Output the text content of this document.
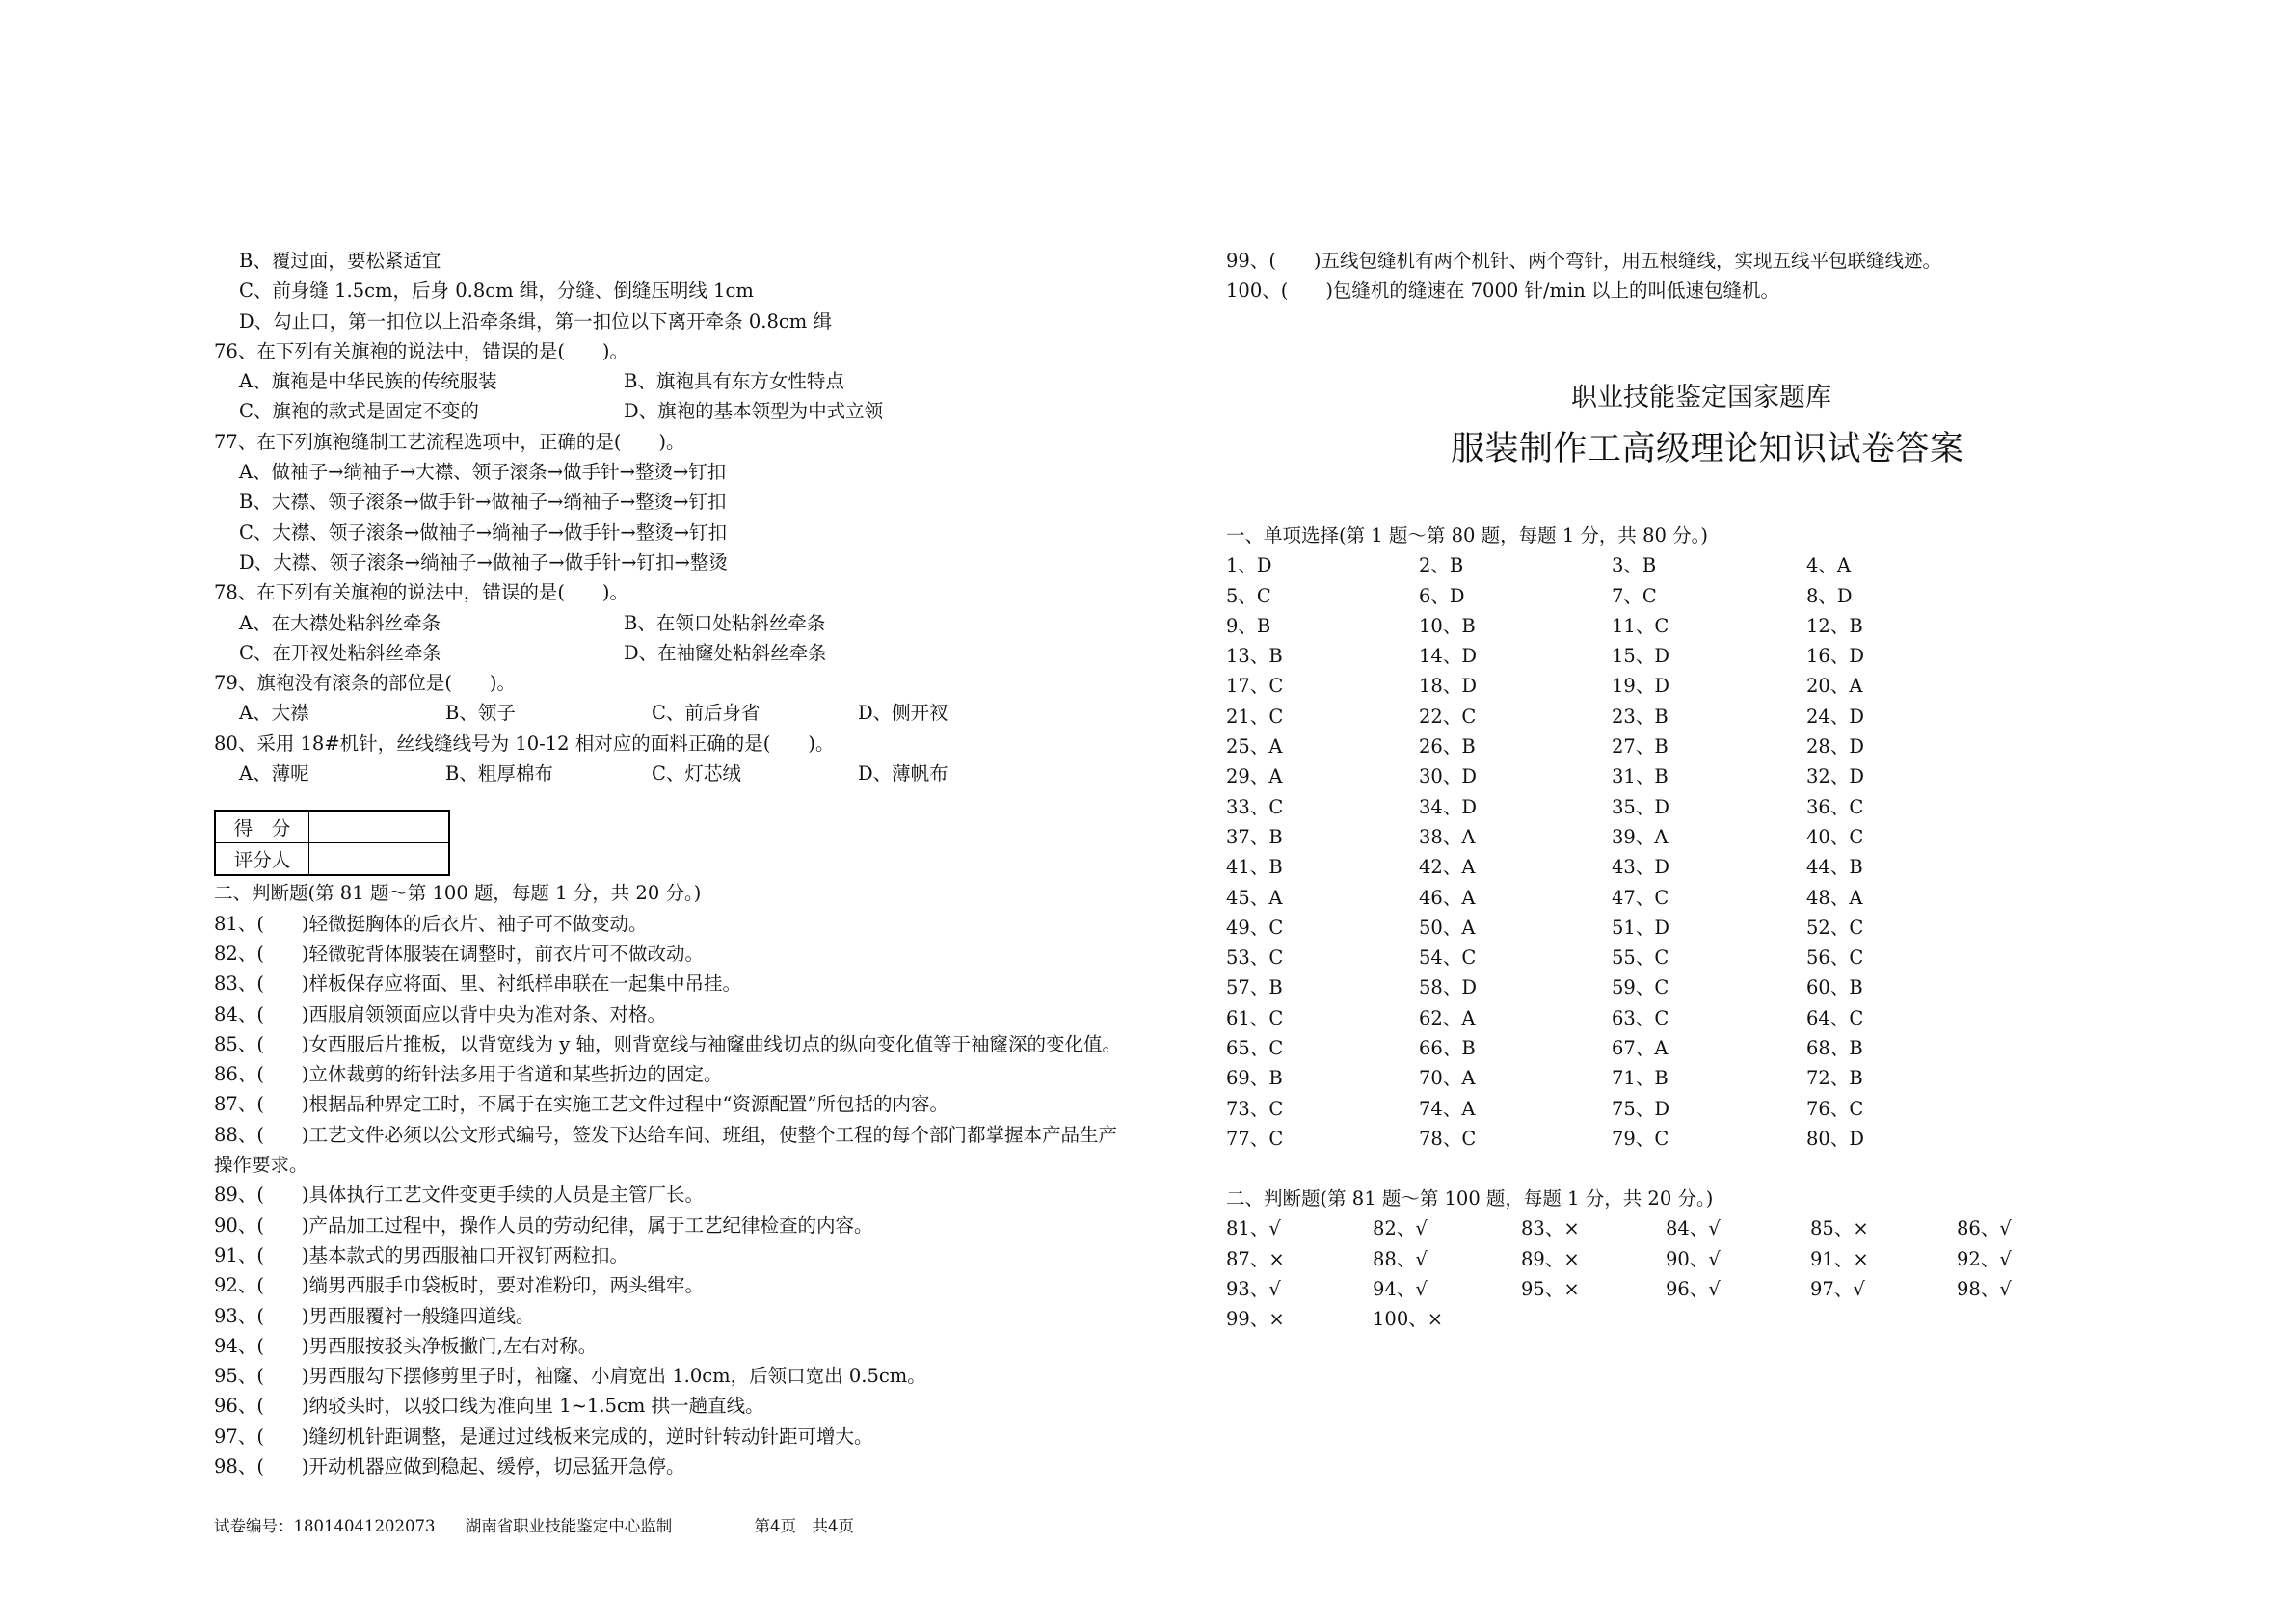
B、覆过面，要松紧适宜
C、前身缝 1.5cm，后身 0.8cm 缉，分缝、倒缝压明线 1cm
D、勾止口，第一扣位以上沿牵条缉，第一扣位以下离开牵条 0.8cm 缉
76、在下列有关旗袍的说法中，错误的是(　　)。
A、旗袍是中华民族的传统服装	B、旗袍具有东方女性特点
C、旗袍的款式是固定不变的	D、旗袍的基本领型为中式立领
77、在下列旗袍缝制工艺流程选项中，正确的是(　　)。
A、做袖子→绱袖子→大襟、领子滚条→做手针→整烫→钉扣
B、大襟、领子滚条→做手针→做袖子→绱袖子→整烫→钉扣
C、大襟、领子滚条→做袖子→绱袖子→做手针→整烫→钉扣
D、大襟、领子滚条→绱袖子→做袖子→做手针→钉扣→整烫
78、在下列有关旗袍的说法中，错误的是(　　)。
A、在大襟处粘斜丝牵条	B、在领口处粘斜丝牵条
C、在开衩处粘斜丝牵条	D、在袖窿处粘斜丝牵条
79、旗袍没有滚条的部位是(　　)。
A、大襟	B、领子	C、前后身省	D、侧开衩
80、采用 18#机针，丝线缝线号为 10-12 相对应的面料正确的是(　　)。
A、薄呢	B、粗厚棉布	C、灯芯绒	D、薄帆布
得　分	
评分人	
二、判断题(第 81 题～第 100 题，每题 1 分，共 20 分。)
81、(　　)轻微挺胸体的后衣片、袖子可不做变动。
82、(　　)轻微驼背体服装在调整时，前衣片可不做改动。
83、(　　)样板保存应将面、里、衬纸样串联在一起集中吊挂。
84、(　　)西服肩领领面应以背中央为准对条、对格。
85、(　　)女西服后片推板，以背宽线为 y 轴，则背宽线与袖窿曲线切点的纵向变化值等于袖窿深的变化值。
86、(　　)立体裁剪的绗针法多用于省道和某些折边的固定。
87、(　　)根据品种界定工时，不属于在实施工艺文件过程中“资源配置”所包括的内容。
88、(　　)工艺文件必须以公文形式编号，签发下达给车间、班组，使整个工程的每个部门都掌握本产品生产
操作要求。
89、(　　)具体执行工艺文件变更手续的人员是主管厂长。
90、(　　)产品加工过程中，操作人员的劳动纪律，属于工艺纪律检查的内容。
91、(　　)基本款式的男西服袖口开衩钉两粒扣。
92、(　　)绱男西服手巾袋板时，要对准粉印，两头缉牢。
93、(　　)男西服覆衬一般缝四道线。
94、(　　)男西服按驳头净板撇门,左右对称。
95、(　　)男西服勾下摆修剪里子时，袖窿、小肩宽出 1.0cm，后领口宽出 0.5cm。
96、(　　)纳驳头时，以驳口线为准向里 1~1.5cm 拱一趟直线。
97、(　　)缝纫机针距调整，是通过过线板来完成的，逆时针转动针距可增大。
98、(　　)开动机器应做到稳起、缓停，切忌猛开急停。
试卷编号：18014041202073 湖南省职业技能鉴定中心监制	第4页　共4页
99、(　　)五线包缝机有两个机针、两个弯针，用五根缝线，实现五线平包联缝线迹。
100、(　　)包缝机的缝速在 7000 针/min 以上的叫低速包缝机。
职业技能鉴定国家题库
服装制作工高级理论知识试卷答案
一、单项选择(第 1 题～第 80 题，每题 1 分，共 80 分。)
1、D	2、B	3、B	4、A
5、C	6、D	7、C	8、D
9、B	10、B	11、C	12、B
13、B	14、D	15、D	16、D
17、C	18、D	19、D	20、A
21、C	22、C	23、B	24、D
25、A	26、B	27、B	28、D
29、A	30、D	31、B	32、D
33、C	34、D	35、D	36、C
37、B	38、A	39、A	40、C
41、B	42、A	43、D	44、B
45、A	46、A	47、C	48、A
49、C	50、A	51、D	52、C
53、C	54、C	55、C	56、C
57、B	58、D	59、C	60、B
61、C	62、A	63、C	64、C
65、C	66、B	67、A	68、B
69、B	70、A	71、B	72、B
73、C	74、A	75、D	76、C
77、C	78、C	79、C	80、D
二、判断题(第 81 题～第 100 题，每题 1 分，共 20 分。)
81、√	82、√	83、×	84、√	85、×	86、√
87、×	88、√	89、×	90、√	91、×	92、√
93、√	94、√	95、×	96、√	97、√	98、√
99、×	100、×
